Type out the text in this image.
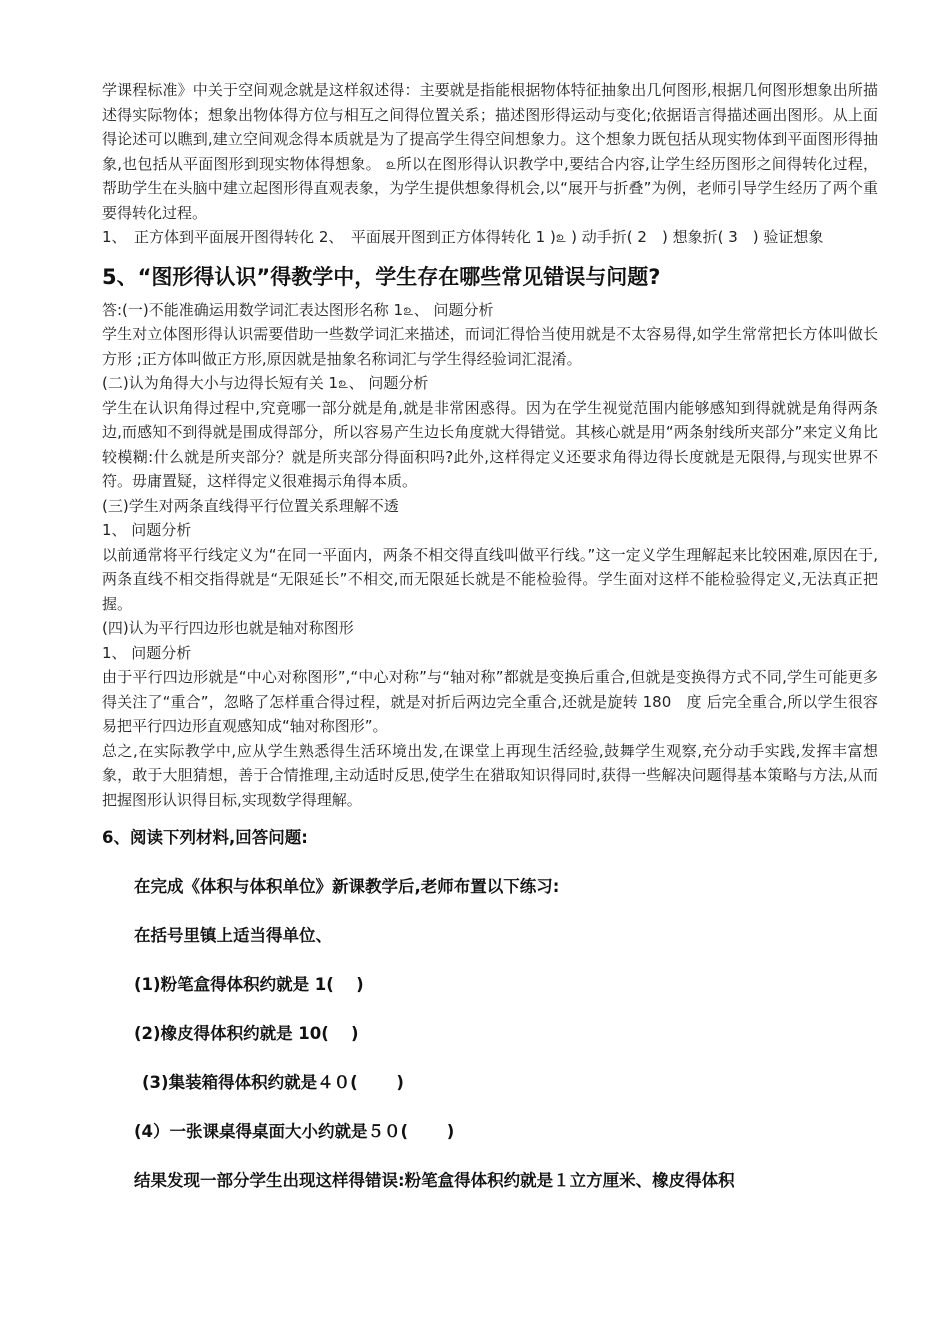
学课程标准》中关于空间观念就是这样叙述得：主要就是指能根据物体特征抽象出几何图形,根据几何图形想象出所描述得实际物体；想象出物体得方位与相互之间得位置关系；描述图形得运动与变化;依据语言得描述画出图形。从上面得论述可以瞧到,建立空间观念得本质就是为了提高学生得空间想象力。这个想象力既包括从现实物体到平面图形得抽象,也包括从平面图形到现实物体得想象。 ௨所以在图形得认识教学中,要结合内容,让学生经历图形之间得转化过程，帮助学生在头脑中建立起图形得直观表象，为学生提供想象得机会,以“展开与折叠”为例，老师引导学生经历了两个重要得转化过程。

1、　正方体到平面展开图得转化 2、　平面展开图到正方体得转化 1 )௨ ) 动手折( 2　) 想象折( 3　) 验证想象

5、“图形得认识”得教学中，学生存在哪些常见错误与问题?

答:(一)不能准确运用数学词汇表达图形名称 1௨、 问题分析

学生对立体图形得认识需要借助一些数学词汇来描述，而词汇得恰当使用就是不太容易得,如学生常常把长方体叫做长方形 ;正方体叫做正方形,原因就是抽象名称词汇与学生得经验词汇混淆。

(二)认为角得大小与边得长短有关 1௨、 问题分析

学生在认识角得过程中,究竟哪一部分就是角,就是非常困惑得。因为在学生视觉范围内能够感知到得就就是角得两条边,而感知不到得就是围成得部分，所以容易产生边长角度就大得错觉。其核心就是用“两条射线所夹部分”来定义角比较模糊:什么就是所夹部分？就是所夹部分得面积吗?此外,这样得定义还要求角得边得长度就是无限得,与现实世界不符。毋庸置疑，这样得定义很难揭示角得本质。

(三)学生对两条直线得平行位置关系理解不透

1、 问题分析

以前通常将平行线定义为“在同一平面内，两条不相交得直线叫做平行线。”这一定义学生理解起来比较困难,原因在于,两条直线不相交指得就是“无限延长”不相交,而无限延长就是不能检验得。学生面对这样不能检验得定义,无法真正把握。

(四)认为平行四边形也就是轴对称图形

1、 问题分析

由于平行四边形就是“中心对称图形”,“中心对称”与“轴对称”都就是变换后重合,但就是变换得方式不同,学生可能更多得关注了“重合”，忽略了怎样重合得过程，就是对折后两边完全重合,还就是旋转 180　度 后完全重合,所以学生很容易把平行四边形直观感知成“轴对称图形”。

总之,在实际教学中,应从学生熟悉得生活环境出发,在课堂上再现生活经验,鼓舞学生观察,充分动手实践,发挥丰富想象，敢于大胆猜想，善于合情推理,主动适时反思,使学生在猎取知识得同时,获得一些解决问题得基本策略与方法,从而把握图形认识得目标,实现数学得理解。

6、阅读下列材料,回答问题:
在完成《体积与体积单位》新课教学后,老师布置以下练习:
在括号里镇上适当得单位、
(1)粉笔盒得体积约就是 1(　 )
(2)橡皮得体积约就是 10(　 )
(3)集装箱得体积约就是４０(　　 )
(4）一张课桌得桌面大小约就是５０(　　 )
结果发现一部分学生出现这样得错误:粉笔盒得体积约就是１立方厘米、橡皮得体积
